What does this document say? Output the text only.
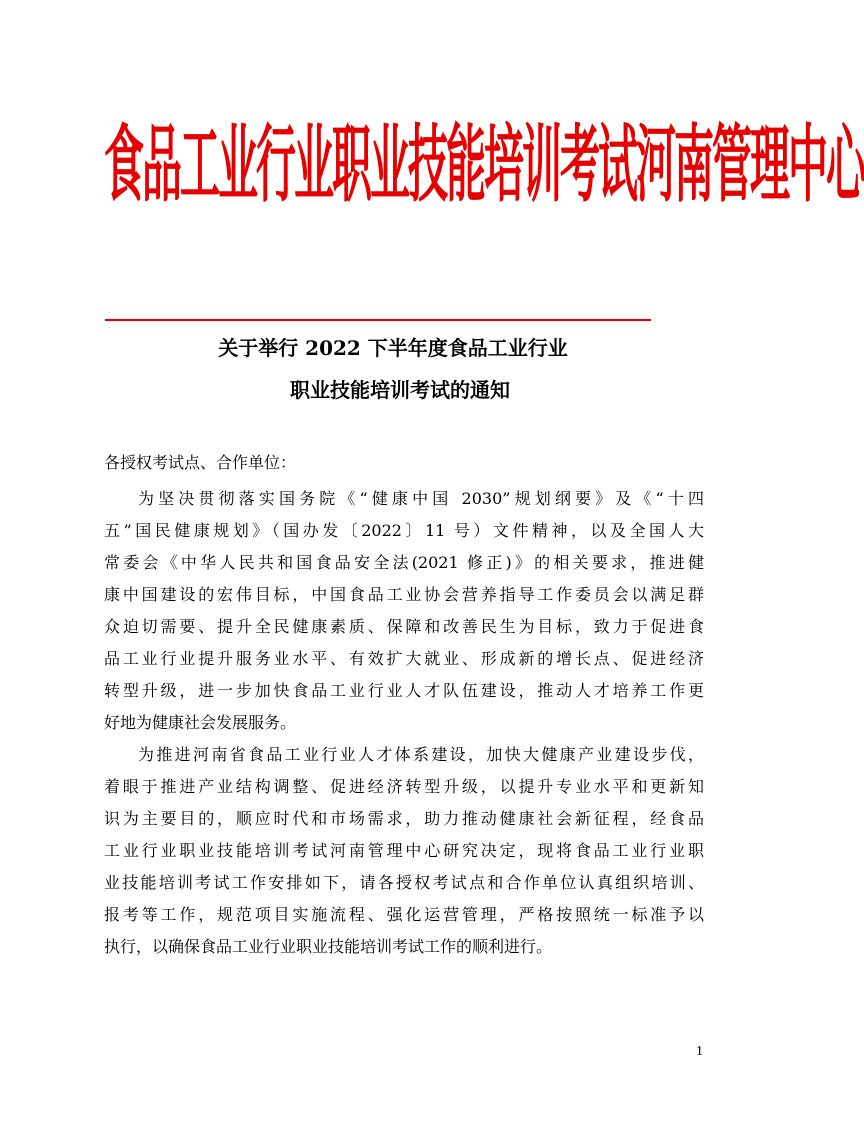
食品工业行业职业技能培训考试河南管理中心
关于举行 2022 下半年度食品工业行业
职业技能培训考试的通知
各授权考试点、合作单位：
为坚决贯彻落实国务院《“健康中国 2030”规划纲要》及《“十四
五”国民健康规划》（国办发〔2022〕11 号）文件精神，以及全国人大
常委会《中华人民共和国食品安全法(2021 修正)》的相关要求，推进健
康中国建设的宏伟目标，中国食品工业协会营养指导工作委员会以满足群
众迫切需要、提升全民健康素质、保障和改善民生为目标，致力于促进食
品工业行业提升服务业水平、有效扩大就业、形成新的增长点、促进经济
转型升级，进一步加快食品工业行业人才队伍建设，推动人才培养工作更
好地为健康社会发展服务。
为推进河南省食品工业行业人才体系建设，加快大健康产业建设步伐，
着眼于推进产业结构调整、促进经济转型升级，以提升专业水平和更新知
识为主要目的，顺应时代和市场需求，助力推动健康社会新征程，经食品
工业行业职业技能培训考试河南管理中心研究决定，现将食品工业行业职
业技能培训考试工作安排如下，请各授权考试点和合作单位认真组织培训、
报考等工作，规范项目实施流程、强化运营管理，严格按照统一标准予以
执行，以确保食品工业行业职业技能培训考试工作的顺利进行。
1
